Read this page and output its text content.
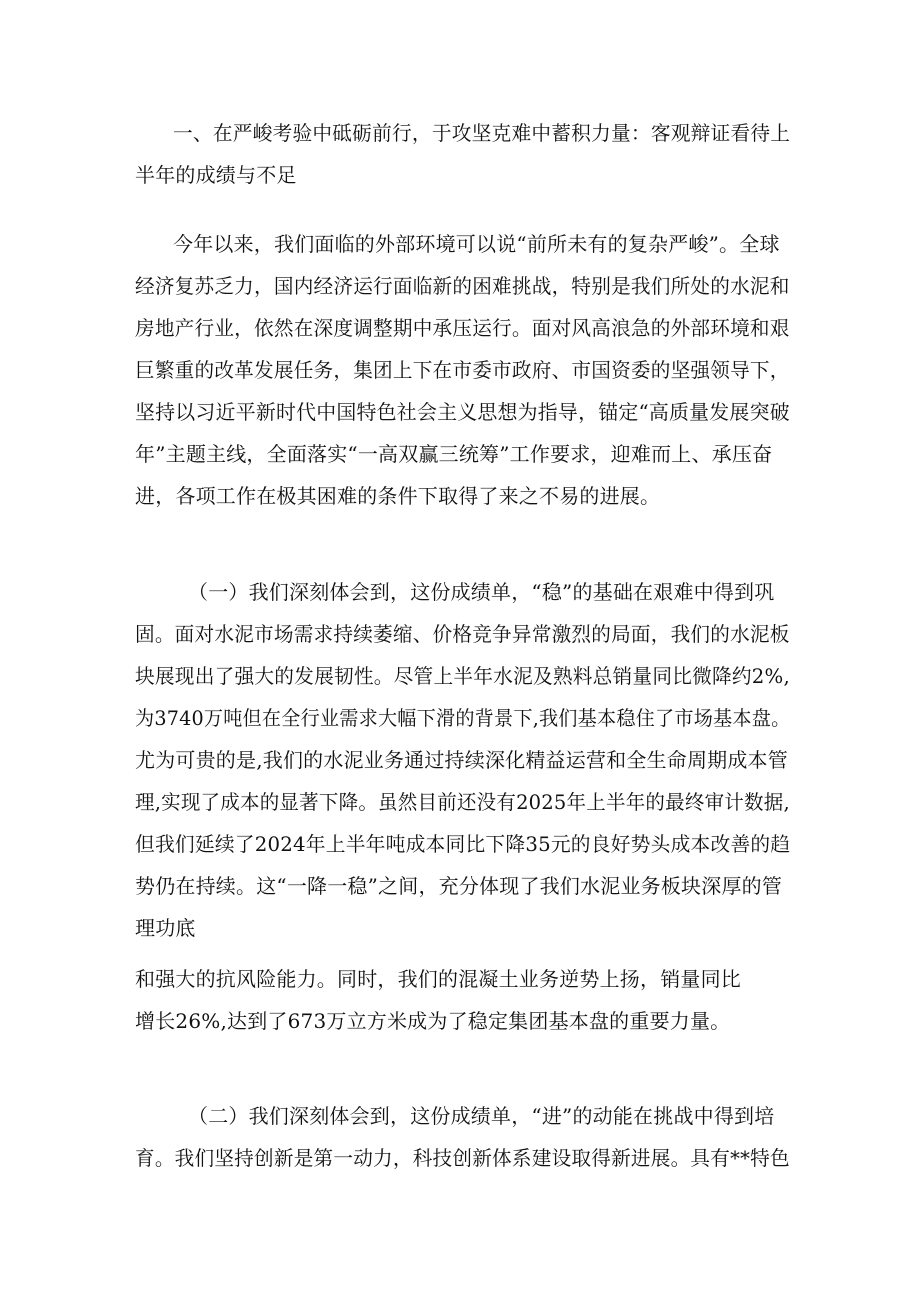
一、在严峻考验中砥砺前行，于攻坚克难中蓄积力量：客观辩证看待上
半年的成绩与不足
今年以来，我们面临的外部环境可以说“前所未有的复杂严峻”。全球
经济复苏乏力，国内经济运行面临新的困难挑战，特别是我们所处的水泥和
房地产行业，依然在深度调整期中承压运行。面对风高浪急的外部环境和艰
巨繁重的改革发展任务，集团上下在市委市政府、市国资委的坚强领导下，
坚持以习近平新时代中国特色社会主义思想为指导，锚定“高质量发展突破
年”主题主线，全面落实“一高双赢三统筹”工作要求，迎难而上、承压奋
进，各项工作在极其困难的条件下取得了来之不易的进展。
（一）我们深刻体会到，这份成绩单，“稳”的基础在艰难中得到巩
固。面对水泥市场需求持续萎缩、价格竞争异常激烈的局面，我们的水泥板
块展现出了强大的发展韧性。尽管上半年水泥及熟料总销量同比微降约2%,
为3740万吨但在全行业需求大幅下滑的背景下,我们基本稳住了市场基本盘。
尤为可贵的是,我们的水泥业务通过持续深化精益运营和全生命周期成本管
理,实现了成本的显著下降。虽然目前还没有2025年上半年的最终审计数据,
但我们延续了2024年上半年吨成本同比下降35元的良好势头成本改善的趋
势仍在持续。这“一降一稳”之间，充分体现了我们水泥业务板块深厚的管
理功底
和强大的抗风险能力。同时，我们的混凝土业务逆势上扬，销量同比
增长26%,达到了673万立方米成为了稳定集团基本盘的重要力量。
（二）我们深刻体会到，这份成绩单，“进”的动能在挑战中得到培
育。我们坚持创新是第一动力，科技创新体系建设取得新进展。具有**特色
